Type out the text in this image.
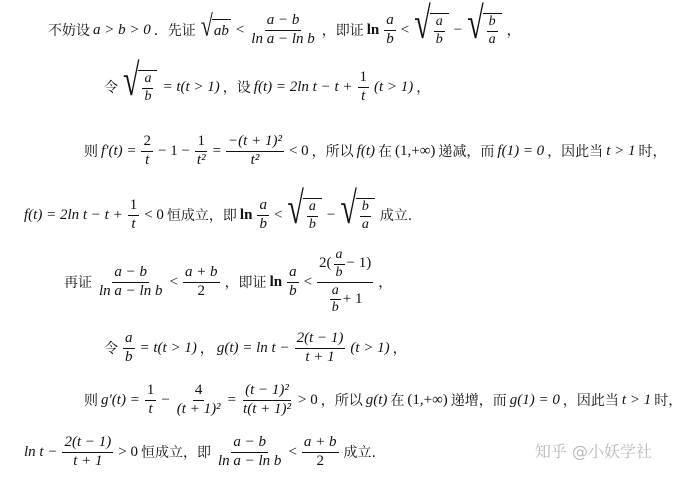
不妨设 a > b > 0 ．先证 √ ab < $\frac{a - b}{\text{ln a − ln b}}$ ，即证 $\ln \frac{a}{b}$ < √ $\frac{a}{b}$ − √ $\frac{b}{a}$ ，
令 √ $\frac{a}{b} = t(t > 1)$ ，设 f(t) = 2ln $t - t + \frac{1}{t} (t > 1)$ ，
则 $f'(t) = \frac{2}{t} - 1 - \frac{1}{\text{t²}} = \frac{\text{−(t + 1)²}}{\text{t²}} < 0$ ，所以 f(t) 在 (1,+∞) 递减，而 f(1) = 0 ，因此当 t > 1 时，
f(t) = 2ln $t - t + \frac{1}{t} < 0$ 恒成立，即 $\ln \frac{a}{b}$ < √ $\frac{a}{b}$ − √ $\frac{b}{a}$ 成立.
再证 $\frac{a - b}{\text{ln a − ln b}} < \frac{a + b}{2}$ ，即证 $\ln \frac{a}{b} < \frac{2( \frac{a}{b} - 1)}{\frac{a}{b} + 1}$ ，
令 $\frac{a}{b} = t(t > 1)$ ， $g(t) = \ln t - \frac{2(t - 1)}{t + 1} (t > 1)$ ，
则 $g'(t) = \frac{1}{t} - \frac{4}{\text{(t + 1)²}} = \frac{\text{(t − 1)²}}{\text{t(t + 1)²}} > 0$ ，所以 g(t) 在 (1,+∞) 递增，而 g(1) = 0 ，因此当 t > 1 时，
$\ln t - \frac{2(t - 1)}{t + 1} > 0$ 恒成立，即 $\frac{a - b}{\text{ln a − ln b}} < \frac{a + b}{2}$ 成立.	知乎 @小妖学社
